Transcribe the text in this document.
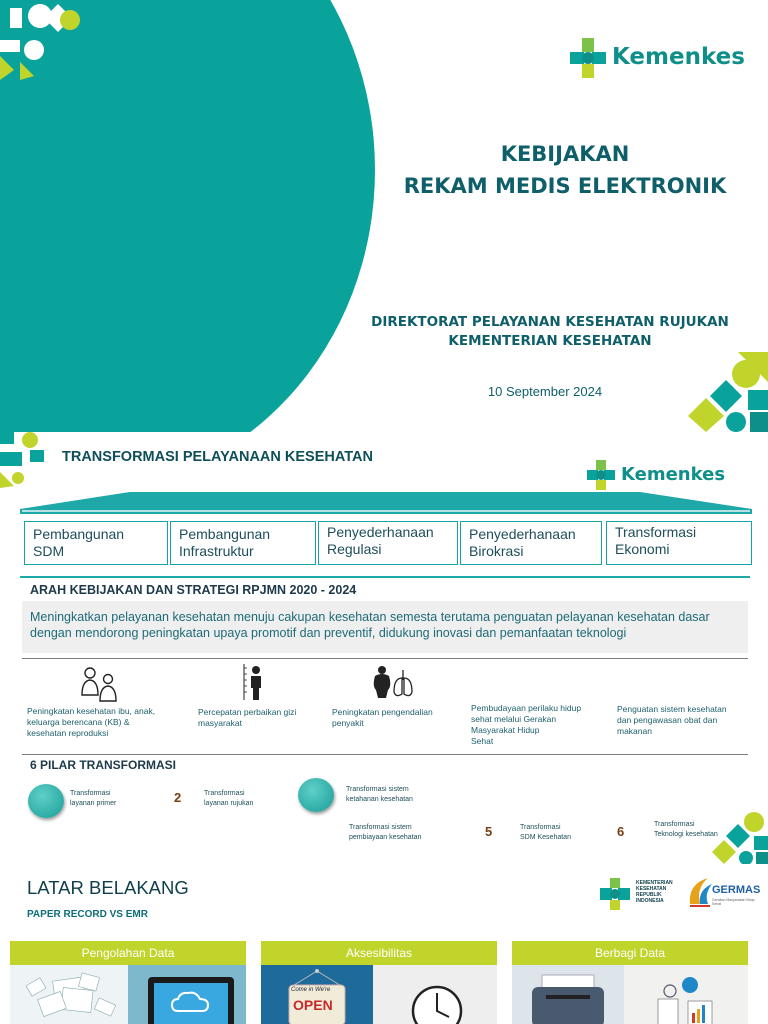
Kemenkes
KEBIJAKAN
REKAM MEDIS ELEKTRONIK
DIREKTORAT PELAYANAN KESEHATAN RUJUKAN
KEMENTERIAN KESEHATAN
10 September 2024
TRANSFORMASI PELAYANAAN KESEHATAN
Kemenkes
Pembangunan
SDM
Pembangunan
Infrastruktur
Penyederhanaan
Regulasi
Penyederhanaan
Birokrasi
Transformasi
Ekonomi
ARAH KEBIJAKAN DAN STRATEGI RPJMN 2020 - 2024
Meningkatkan pelayanan kesehatan menuju cakupan kesehatan semesta terutama penguatan pelayanan kesehatan dasar
dengan mendorong peningkatan upaya promotif dan preventif, didukung inovasi dan pemanfaatan teknologi
Peningkatan kesehatan ibu, anak,
keluarga berencana (KB) &
kesehatan reproduksi
Percepatan perbaikan gizi
masyarakat
Peningkatan pengendalian
penyakit
Pembudayaan perilaku hidup
sehat melalui Gerakan
Masyarakat Hidup
Sehat
Penguatan sistem kesehatan
dan pengawasan obat dan
makanan
6 PILAR TRANSFORMASI
Transformasi
layanan primer	2	Transformasi
layanan rujukan
Transformasi sistem
ketahanan kesehatan
Transformasi sistem
pembiayaan kesehatan	5	Transformasi
SDM Kesehatan	6	Transformasi
Teknologi kesehatan
LATAR BELAKANG
PAPER RECORD VS EMR
KEMENTERIAN
KESEHATAN
REPUBLIK
INDONESIA
GERMAS
Gerakan Masyarakat Hidup Sehat
Pengolahan Data	Aksesibilitas
Come in We're
OPEN
Berbagi Data
